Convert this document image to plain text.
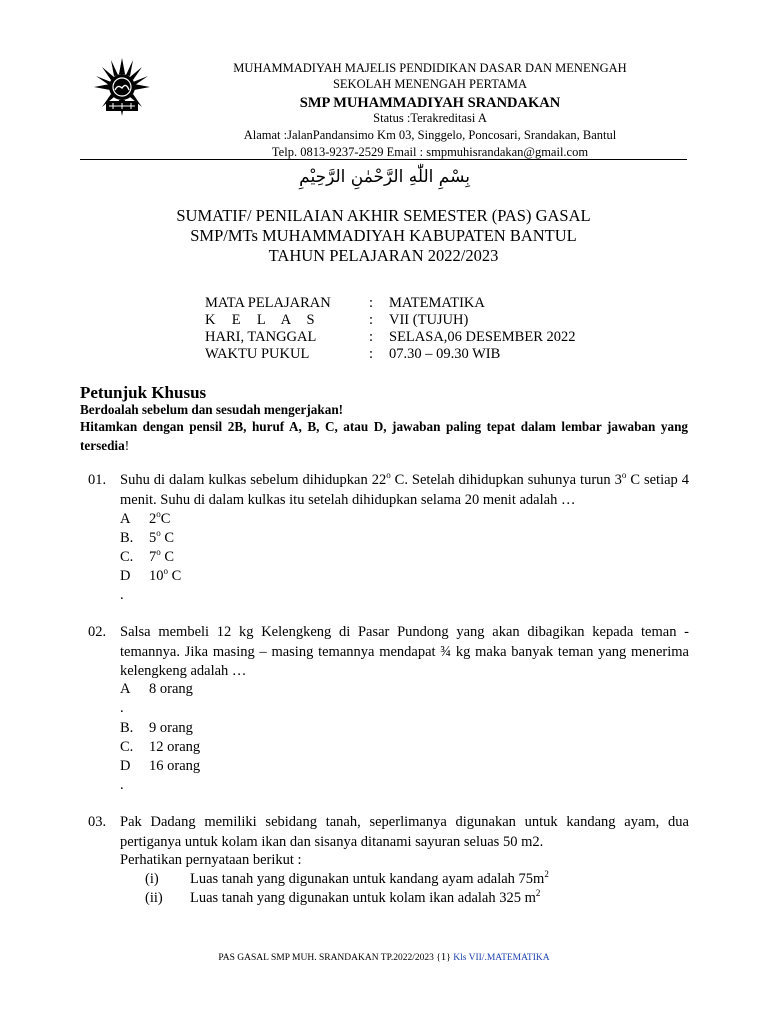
MUHAMMADIYAH MAJELIS PENDIDIKAN DASAR DAN MENENGAH
SEKOLAH MENENGAH PERTAMA
SMP MUHAMMADIYAH SRANDAKAN
Status :Terakreditasi A
Alamat :JalanPandansimo Km 03, Singgelo, Poncosari, Srandakan, Bantul
Telp. 0813-9237-2529 Email : smpmuhisrandakan@gmail.com
بِسْمِ اللّٰهِ الرَّحْمٰنِ الرَّحِيْمِ
SUMATIF/ PENILAIAN AKHIR SEMESTER (PAS) GASAL
SMP/MTs MUHAMMADIYAH KABUPATEN BANTUL
TAHUN PELAJARAN 2022/2023
MATA PELAJARAN	: MATEMATIKA
K  E  L  A  S	: VII (TUJUH)
HARI, TANGGAL	: SELASA,06 DESEMBER 2022
WAKTU PUKUL	: 07.30 – 09.30 WIB
Petunjuk Khusus
Berdoalah sebelum dan sesudah mengerjakan!
Hitamkan dengan pensil 2B, huruf A, B, C, atau D, jawaban paling tepat dalam lembar jawaban yang tersedia!
01. Suhu di dalam kulkas sebelum dihidupkan 22$^o$ C. Setelah dihidupkan suhunya turun 3$^o$ C setiap 4 menit. Suhu di dalam kulkas itu setelah dihidupkan selama 20 menit adalah …
A 2$^o$C
B. 5$^o$ C
C. 7$^o$ C
D 10$^o$ C
.
02. Salsa membeli 12 kg Kelengkeng di Pasar Pundong yang akan dibagikan kepada teman - temannya. Jika masing – masing temannya mendapat ¾ kg maka banyak teman yang menerima kelengkeng adalah …
A 8 orang
.
B. 9 orang
C. 12 orang
D 16 orang
.
03. Pak Dadang memiliki sebidang tanah, seperlimanya digunakan untuk kandang ayam, dua pertiganya untuk kolam ikan dan sisanya ditanami sayuran seluas 50 m2.
Perhatikan pernyataan berikut :
(i) Luas tanah yang digunakan untuk kandang ayam adalah $75m^2$
(ii) Luas tanah yang digunakan untuk kolam ikan adalah 325 $m^2$
PAS GASAL SMP MUH. SRANDAKAN TP.2022/2023 {1} Kls VII/.MATEMATIKA
